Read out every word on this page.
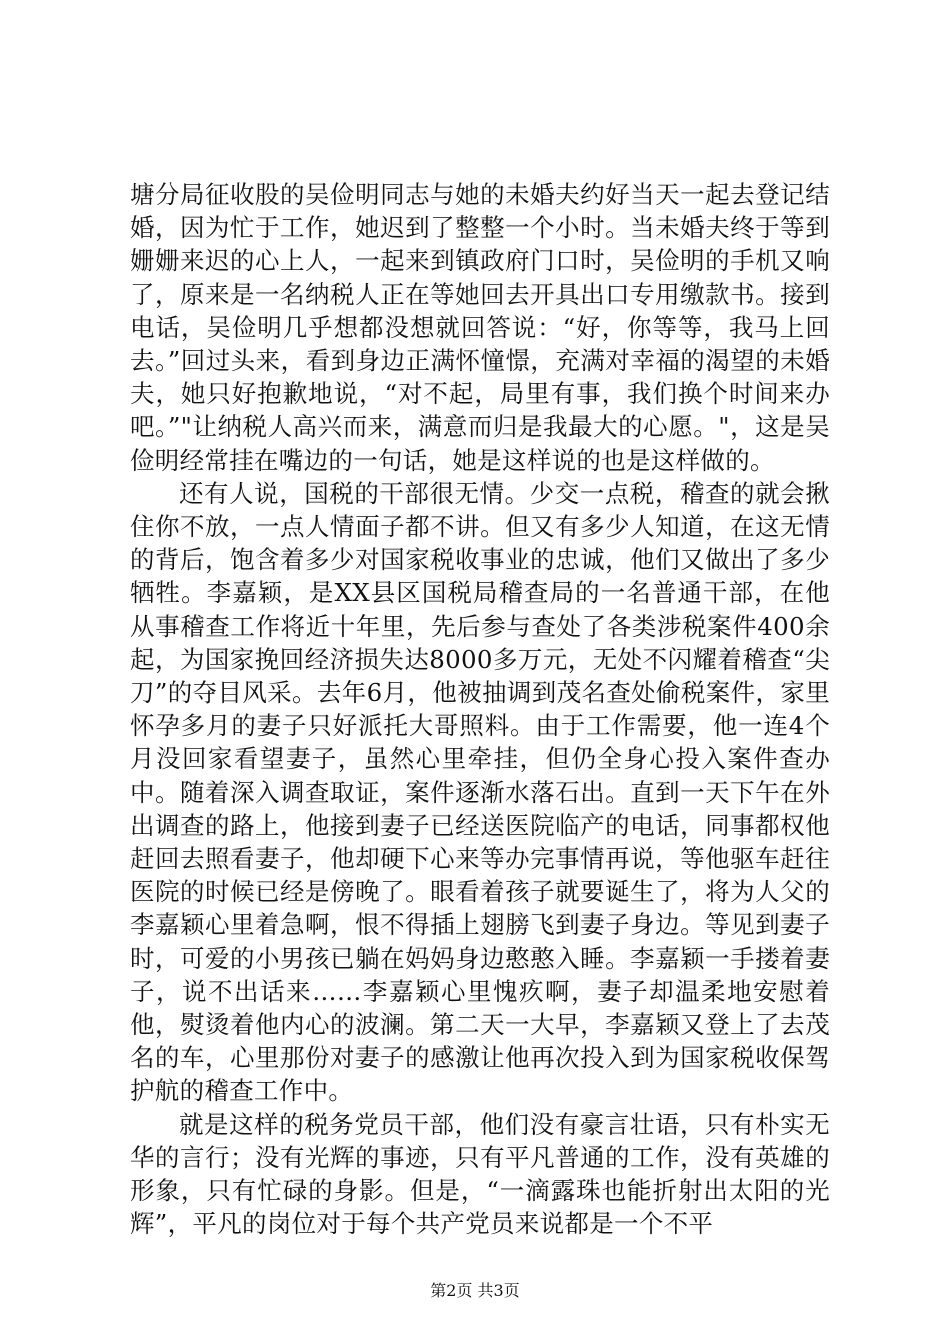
塘分局征收股的吴俭明同志与她的未婚夫约好当天一起去登记结婚，因为忙于工作，她迟到了整整一个小时。当未婚夫终于等到姗姗来迟的心上人，一起来到镇政府门口时，吴俭明的手机又响了，原来是一名纳税人正在等她回去开具出口专用缴款书。接到电话，吴俭明几乎想都没想就回答说：“好，你等等，我马上回去。”回过头来，看到身边正满怀憧憬，充满对幸福的渴望的未婚夫，她只好抱歉地说，“对不起，局里有事，我们换个时间来办吧。”"让纳税人高兴而来，满意而归是我最大的心愿。"，这是吴俭明经常挂在嘴边的一句话，她是这样说的也是这样做的。

还有人说，国税的干部很无情。少交一点税，稽查的就会揪住你不放，一点人情面子都不讲。但又有多少人知道，在这无情的背后，饱含着多少对国家税收事业的忠诚，他们又做出了多少牺牲。李嘉颖，是XX县区国税局稽查局的一名普通干部，在他从事稽查工作将近十年里，先后参与查处了各类涉税案件400余起，为国家挽回经济损失达8000多万元，无处不闪耀着稽查“尖刀”的夺目风采。去年6月，他被抽调到茂名查处偷税案件，家里怀孕多月的妻子只好派托大哥照料。由于工作需要，他一连4个月没回家看望妻子，虽然心里牵挂，但仍全身心投入案件查办中。随着深入调查取证，案件逐渐水落石出。直到一天下午在外出调查的路上，他接到妻子已经送医院临产的电话，同事都权他赶回去照看妻子，他却硬下心来等办完事情再说，等他驱车赶往医院的时候已经是傍晚了。眼看着孩子就要诞生了，将为人父的李嘉颖心里着急啊，恨不得插上翅膀飞到妻子身边。等见到妻子时，可爱的小男孩已躺在妈妈身边憨憨入睡。李嘉颖一手搂着妻子，说不出话来……李嘉颖心里愧疚啊，妻子却温柔地安慰着他，熨烫着他内心的波澜。第二天一大早，李嘉颖又登上了去茂名的车，心里那份对妻子的感激让他再次投入到为国家税收保驾护航的稽查工作中。

就是这样的税务党员干部，他们没有豪言壮语，只有朴实无华的言行；没有光辉的事迹，只有平凡普通的工作，没有英雄的形象，只有忙碌的身影。但是，“一滴露珠也能折射出太阳的光辉”，平凡的岗位对于每个共产党员来说都是一个不平

第2页 共3页
